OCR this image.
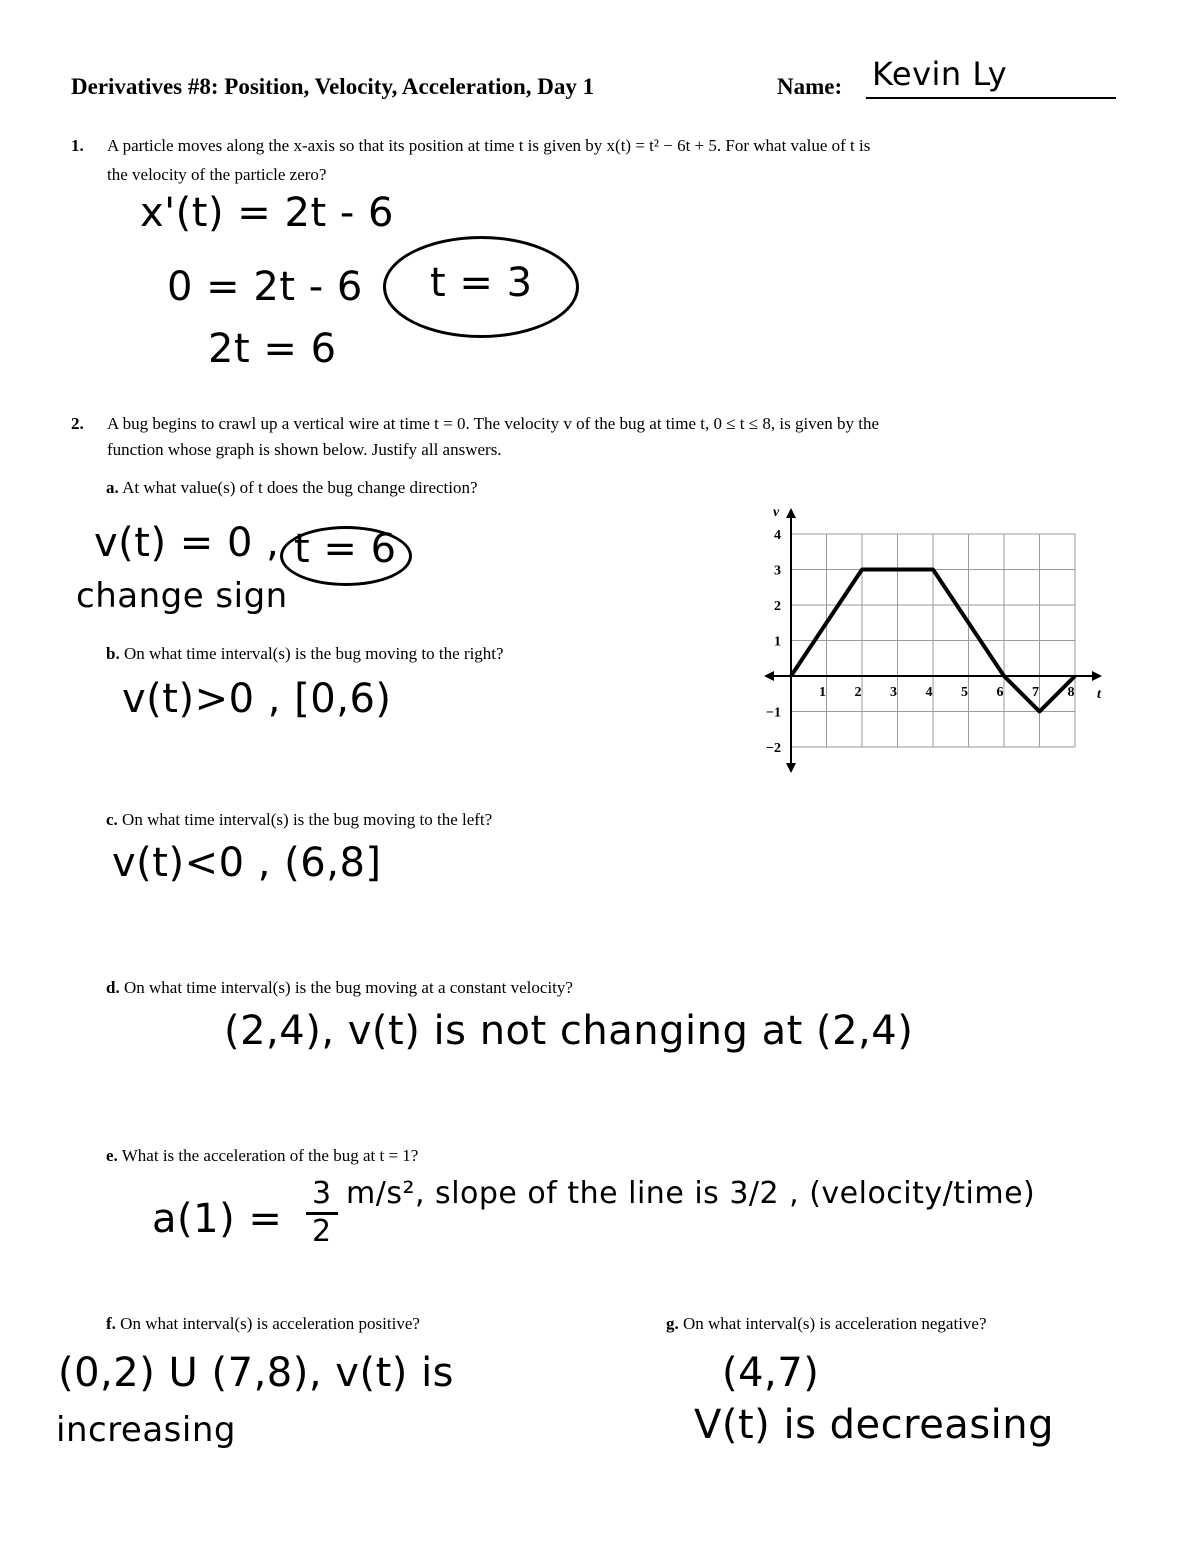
Derivatives #8: Position, Velocity, Acceleration, Day 1	Name: Kevin Ly
1. A particle moves along the x-axis so that its position at time t is given by x(t) = t² − 6t + 5. For what value of t is
the velocity of the particle zero?
x'(t) = 2t - 6
0 = 2t - 6
2t = 6
t = 3
2. A bug begins to crawl up a vertical wire at time t = 0. The velocity v of the bug at time t, 0 ≤ t ≤ 8, is given by the
function whose graph is shown below. Justify all answers.
a. At what value(s) of t does the bug change direction?
v(t) = 0 , t = 6
change sign
b. On what time interval(s) is the bug moving to the right?
v(t)>0 , [0,6)
c. On what time interval(s) is the bug moving to the left?
v(t)<0 , (6,8]
d. On what time interval(s) is the bug moving at a constant velocity?
(2,4), v(t) is not changing at (2,4)
e. What is the acceleration of the bug at t = 1?
a(1) =
3
2
m/s², slope of the line is 3/2 , (velocity/time)
f. On what interval(s) is acceleration positive?
(0,2) U (7,8), v(t) is
increasing
g. On what interval(s) is acceleration negative?
(4,7)
V(t) is decreasing
1 2 3 4 5 6 7 8
4
3
2
1
−1
−2
t
v
